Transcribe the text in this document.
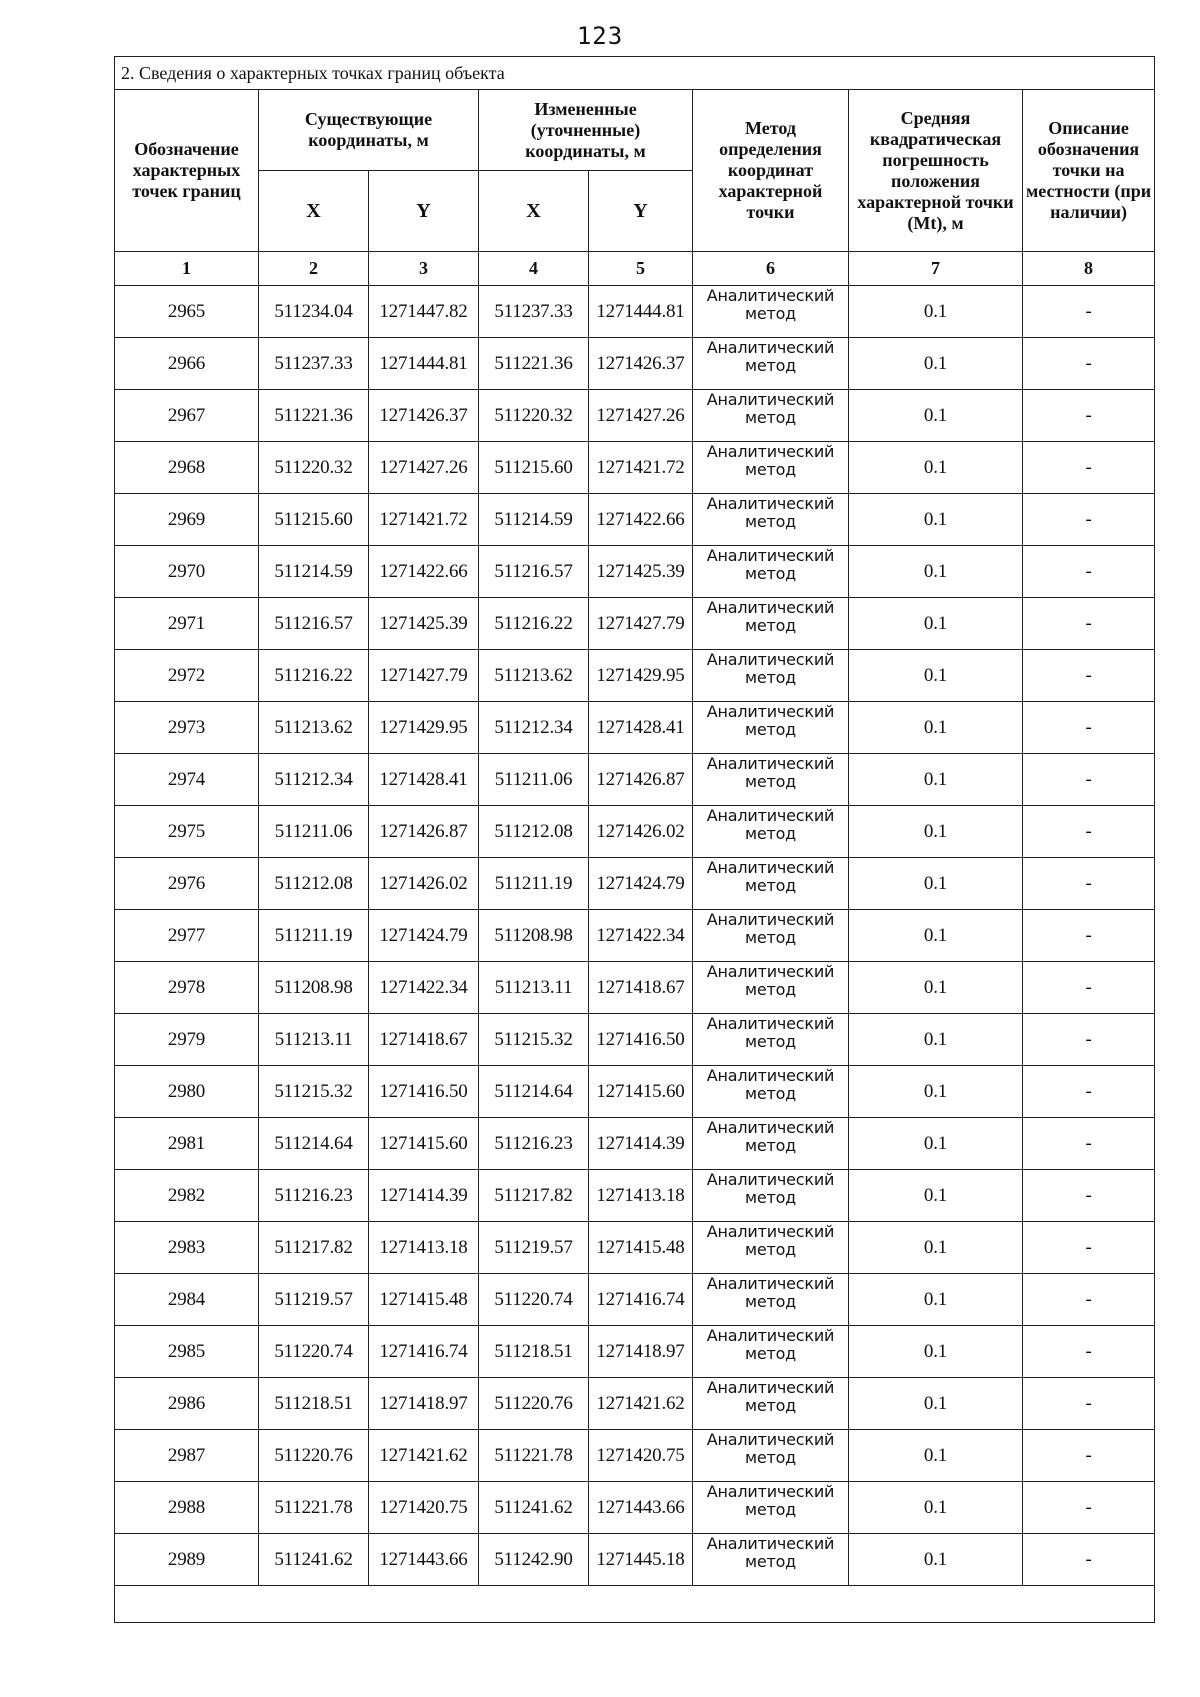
123
2. Сведения о характерных точках границ объекта							
Обозначение характерных точек границ	Существующие координаты, м		Измененные (уточненные) координаты, м		Метод определения координат характерной точки	Средняя квадратическая погрешность положения характерной точки (Mt), м	Описание обозначения точки на местности (при наличии)
	X	Y	X	Y			
1	2	3	4	5	6	7	8
2965	511234.04	1271447.82	511237.33	1271444.81	Аналитический метод	0.1	-
2966	511237.33	1271444.81	511221.36	1271426.37	Аналитический метод	0.1	-
2967	511221.36	1271426.37	511220.32	1271427.26	Аналитический метод	0.1	-
2968	511220.32	1271427.26	511215.60	1271421.72	Аналитический метод	0.1	-
2969	511215.60	1271421.72	511214.59	1271422.66	Аналитический метод	0.1	-
2970	511214.59	1271422.66	511216.57	1271425.39	Аналитический метод	0.1	-
2971	511216.57	1271425.39	511216.22	1271427.79	Аналитический метод	0.1	-
2972	511216.22	1271427.79	511213.62	1271429.95	Аналитический метод	0.1	-
2973	511213.62	1271429.95	511212.34	1271428.41	Аналитический метод	0.1	-
2974	511212.34	1271428.41	511211.06	1271426.87	Аналитический метод	0.1	-
2975	511211.06	1271426.87	511212.08	1271426.02	Аналитический метод	0.1	-
2976	511212.08	1271426.02	511211.19	1271424.79	Аналитический метод	0.1	-
2977	511211.19	1271424.79	511208.98	1271422.34	Аналитический метод	0.1	-
2978	511208.98	1271422.34	511213.11	1271418.67	Аналитический метод	0.1	-
2979	511213.11	1271418.67	511215.32	1271416.50	Аналитический метод	0.1	-
2980	511215.32	1271416.50	511214.64	1271415.60	Аналитический метод	0.1	-
2981	511214.64	1271415.60	511216.23	1271414.39	Аналитический метод	0.1	-
2982	511216.23	1271414.39	511217.82	1271413.18	Аналитический метод	0.1	-
2983	511217.82	1271413.18	511219.57	1271415.48	Аналитический метод	0.1	-
2984	511219.57	1271415.48	511220.74	1271416.74	Аналитический метод	0.1	-
2985	511220.74	1271416.74	511218.51	1271418.97	Аналитический метод	0.1	-
2986	511218.51	1271418.97	511220.76	1271421.62	Аналитический метод	0.1	-
2987	511220.76	1271421.62	511221.78	1271420.75	Аналитический метод	0.1	-
2988	511221.78	1271420.75	511241.62	1271443.66	Аналитический метод	0.1	-
2989	511241.62	1271443.66	511242.90	1271445.18	Аналитический метод	0.1	-
